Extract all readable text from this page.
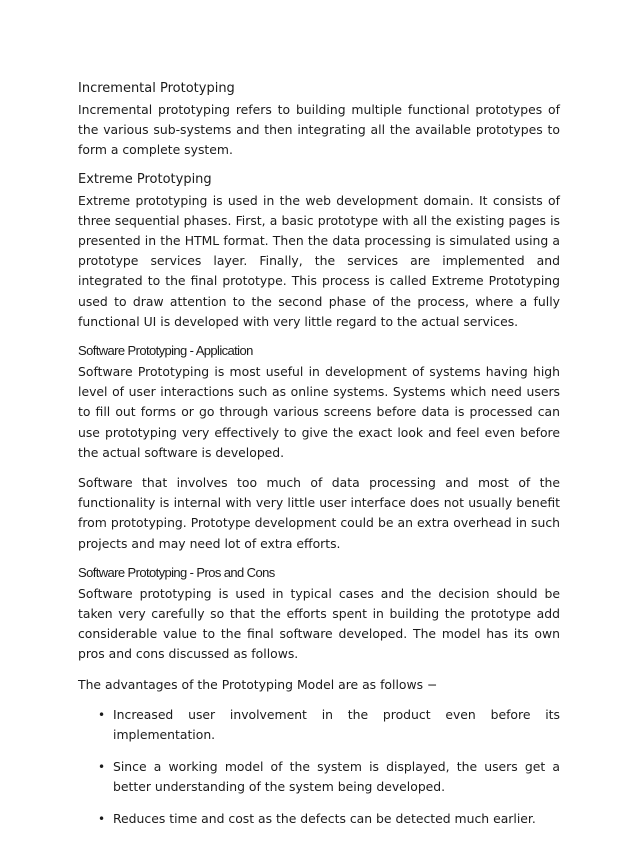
Incremental Prototyping

Incremental prototyping refers to building multiple functional prototypes of the various sub-systems and then integrating all the available prototypes to form a complete system.

Extreme Prototyping

Extreme prototyping is used in the web development domain. It consists of three sequential phases. First, a basic prototype with all the existing pages is presented in the HTML format. Then the data processing is simulated using a prototype services layer. Finally, the services are implemented and integrated to the final prototype. This process is called Extreme Prototyping used to draw attention to the second phase of the process, where a fully functional UI is developed with very little regard to the actual services.

Software Prototyping - Application

Software Prototyping is most useful in development of systems having high level of user interactions such as online systems. Systems which need users to fill out forms or go through various screens before data is processed can use prototyping very effectively to give the exact look and feel even before the actual software is developed.

Software that involves too much of data processing and most of the functionality is internal with very little user interface does not usually benefit from prototyping. Prototype development could be an extra overhead in such projects and may need lot of extra efforts.

Software Prototyping - Pros and Cons

Software prototyping is used in typical cases and the decision should be taken very carefully so that the efforts spent in building the prototype add considerable value to the final software developed. The model has its own pros and cons discussed as follows.

The advantages of the Prototyping Model are as follows −

• Increased user involvement in the product even before its implementation.
• Since a working model of the system is displayed, the users get a better understanding of the system being developed.
• Reduces time and cost as the defects can be detected much earlier.
